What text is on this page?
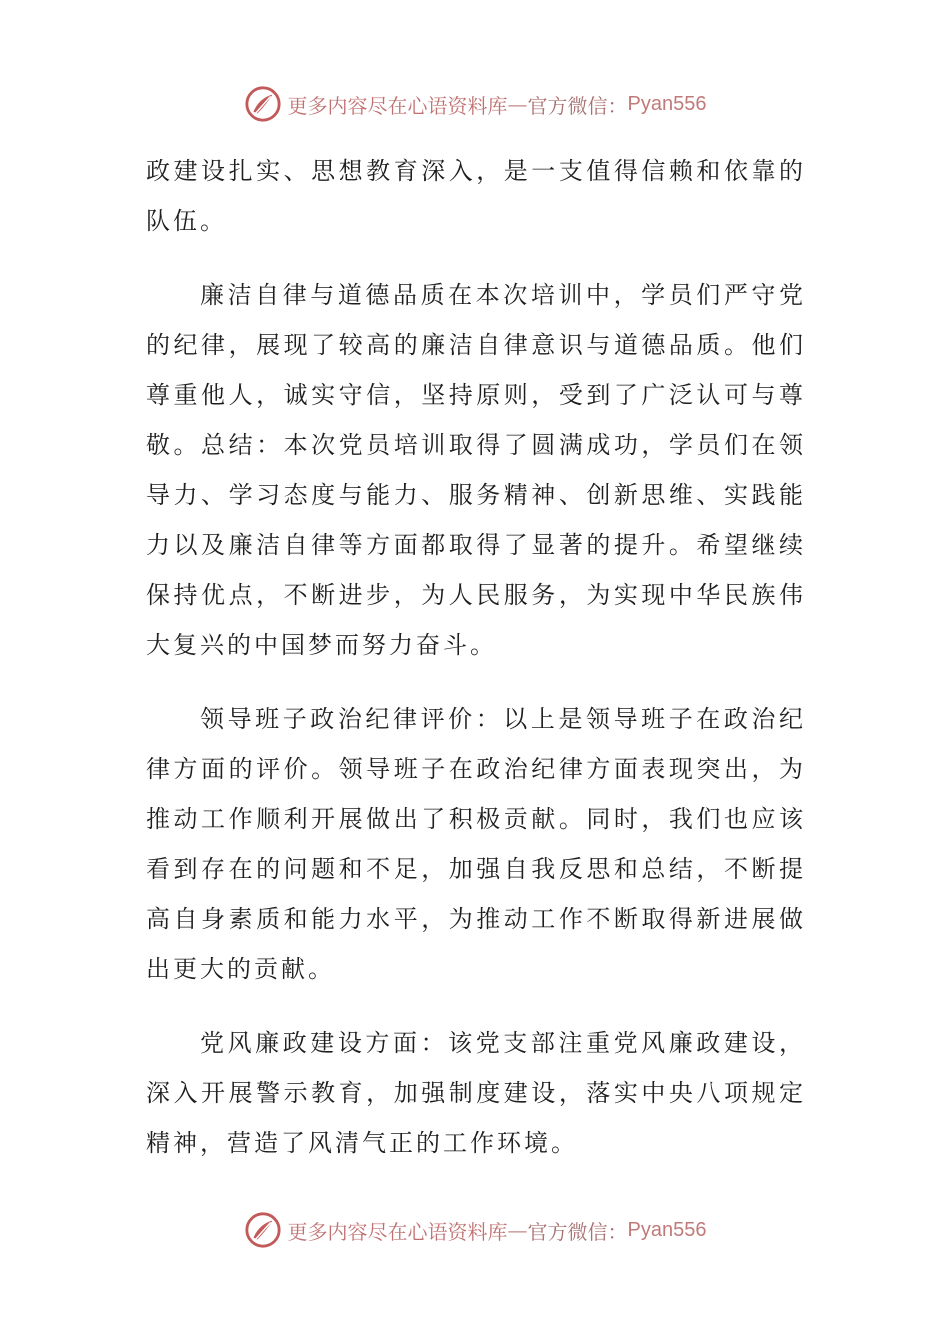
更多内容尽在心语资料库 — 官方微信： Pyan556

政建设扎实、思想教育深入，是一支值得信赖和依靠的队伍。

廉洁自律与道德品质在本次培训中，学员们严守党的纪律，展现了较高的廉洁自律意识与道德品质。他们尊重他人，诚实守信，坚持原则，受到了广泛认可与尊敬。总结：本次党员培训取得了圆满成功，学员们在领导力、学习态度与能力、服务精神、创新思维、实践能力以及廉洁自律等方面都取得了显著的提升。希望继续保持优点，不断进步，为人民服务，为实现中华民族伟大复兴的中国梦而努力奋斗。

领导班子政治纪律评价：以上是领导班子在政治纪律方面的评价。领导班子在政治纪律方面表现突出，为推动工作顺利开展做出了积极贡献。同时，我们也应该看到存在的问题和不足，加强自我反思和总结，不断提高自身素质和能力水平，为推动工作不断取得新进展做出更大的贡献。

党风廉政建设方面：该党支部注重党风廉政建设，深入开展警示教育，加强制度建设，落实中央八项规定精神，营造了风清气正的工作环境。

更多内容尽在心语资料库 — 官方微信： Pyan556
